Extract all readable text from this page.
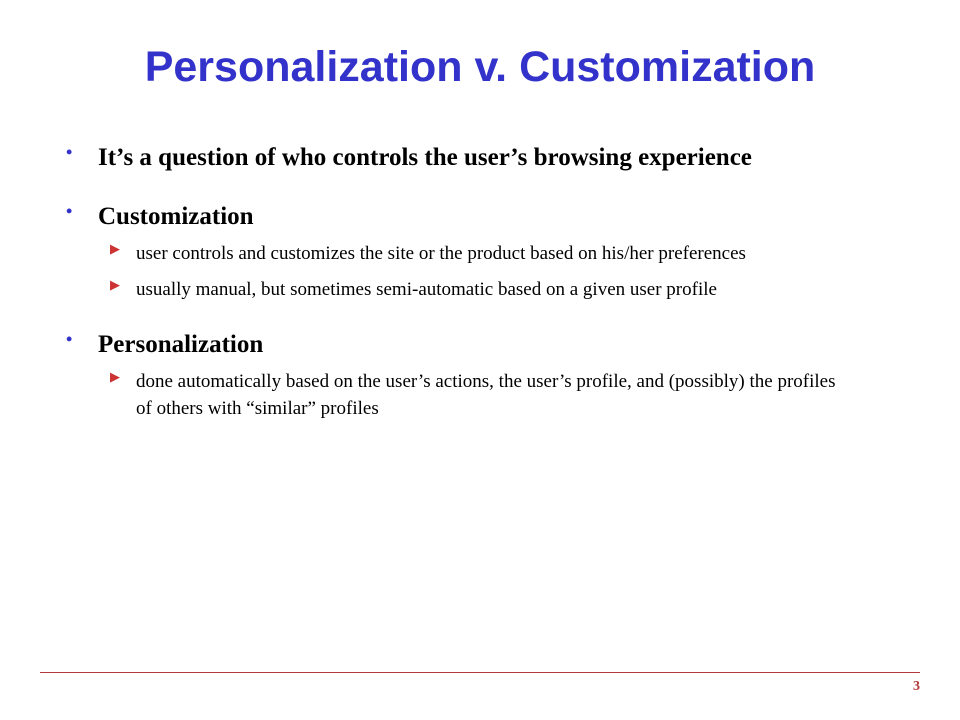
Personalization v. Customization
• It’s a question of who controls the user’s browsing experience
• Customization
▶ user controls and customizes the site or the product based on his/her preferences
▶ usually manual, but sometimes semi-automatic based on a given user profile
• Personalization
▶ done automatically based on the user’s actions, the user’s profile, and (possibly) the profiles of others with “similar” profiles
3
